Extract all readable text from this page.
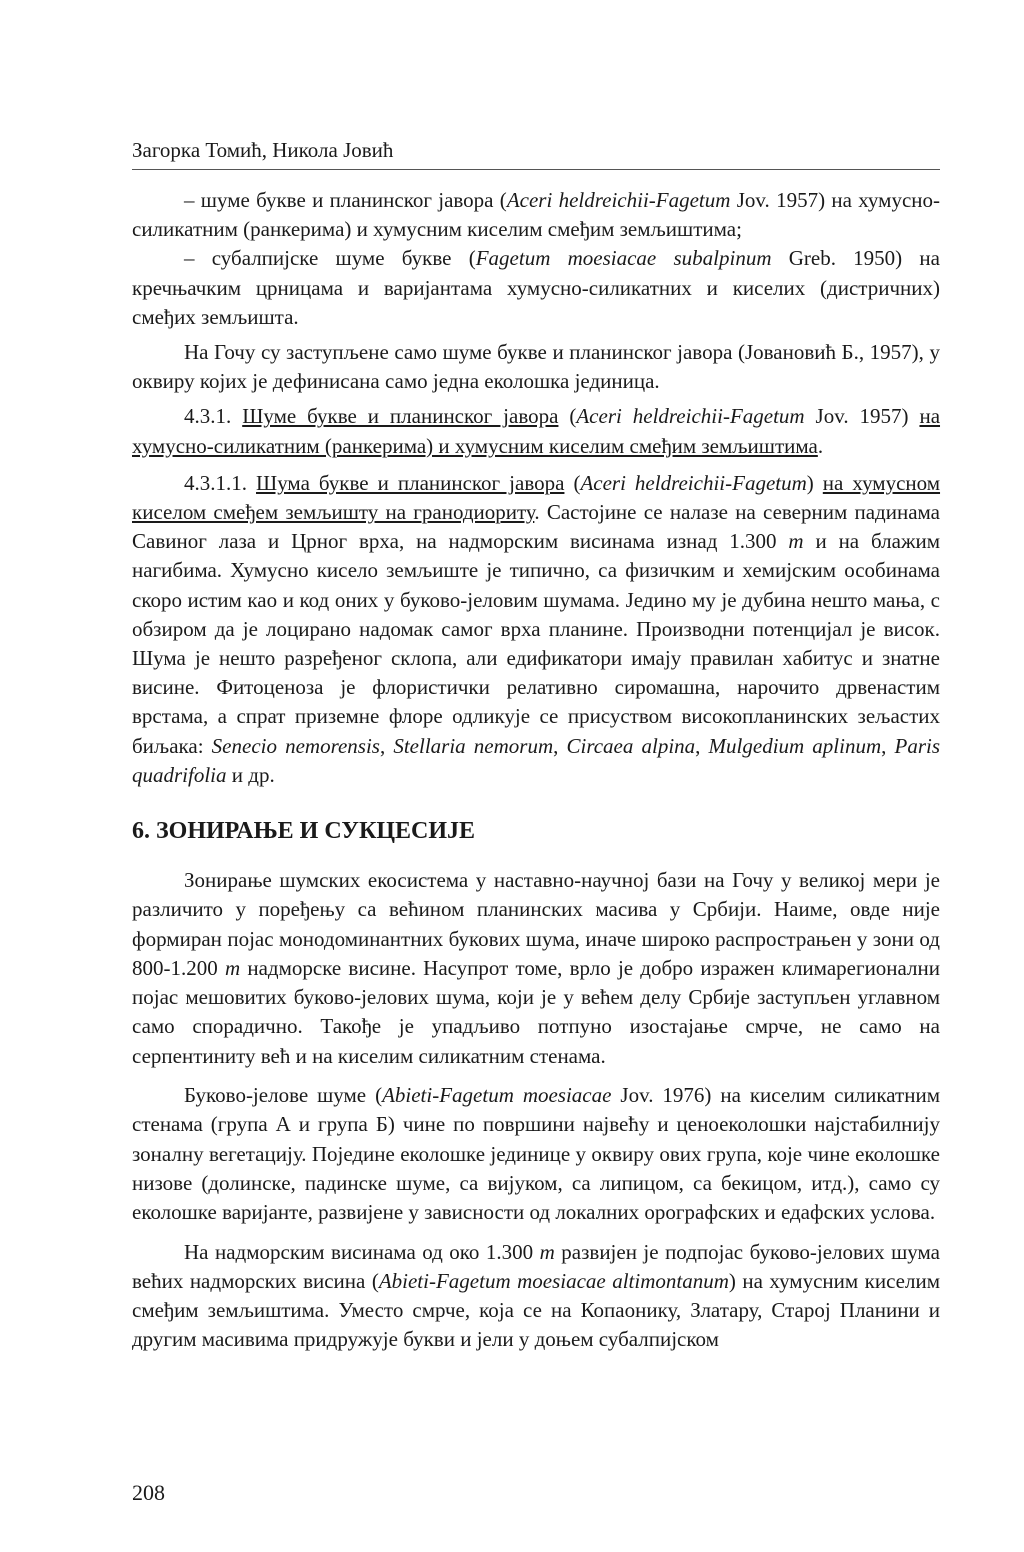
Загорка Томић, Никола Јовић

– шуме букве и планинског јавора (Aceri heldreichii-Fagetum Jov. 1957) на хумусно-силикатним (ранкерима) и хумусним киселим смеђим земљиштима;

– субалпијске шуме букве (Fagetum moesiacae subalpinum Greb. 1950) на кречњачким црницама и варијантама хумусно-силикатних и киселих (дистричних) смеђих земљишта.

На Гочу су заступљене само шуме букве и планинског јавора (Јовановић Б., 1957), у оквиру којих је дефинисана само једна еколошка јединица.

4.3.1. Шуме букве и планинског јавора (Aceri heldreichii-Fagetum Jov. 1957) на хумусно-силикатним (ранкерима) и хумусним киселим смеђим земљиштима.

4.3.1.1. Шума букве и планинског јавора (Aceri heldreichii-Fagetum) на хумусном киселом смеђем земљишту на гранодиориту. Састојине се налазе на северним падинама Савиног лаза и Црног врха, на надморским висинама изнад 1.300 m и на блажим нагибима. Хумусно кисело земљиште је типично, са физичким и хемијским особинама скоро истим као и код оних у буково-јеловим шумама. Једино му је дубина нешто мања, с обзиром да је лоцирано надомак самог врха планине. Производни потенцијал је висок. Шума је нешто разређеног склопа, али едификатори имају правилан хабитус и знатне висине. Фитоценоза је флористички релативно сиромашна, нарочито дрвенастим врстама, а спрат приземне флоре одликује се присуством високопланинских зељастих биљака: Senecio nemorensis, Stellaria nemorum, Circaea alpina, Mulgedium aplinum, Paris quadrifolia и др.

6. ЗОНИРАЊЕ И СУКЦЕСИЈЕ

Зонирање шумских екосистема у наставно-научној бази на Гочу у великој мери је различито у поређењу са већином планинских масива у Србији. Наиме, овде није формиран појас монодоминантних букових шума, иначе широко распрострањен у зони од 800-1.200 m надморске висине. Насупрот томе, врло је добро изражен климарегионални појас мешовитих буково-јелових шума, који је у већем делу Србије заступљен углавном само спорадично. Такође је упадљиво потпуно изостајање смрче, не само на серпентиниту већ и на киселим силикатним стенама.

Буково-јелове шуме (Abieti-Fagetum moesiacae Jov. 1976) на киселим силикатним стенама (група А и група Б) чине по површини највећу и ценоеколошки најстабилнију зоналну вегетацију. Поједине еколошке јединице у оквиру ових група, које чине еколошке низове (долинске, падинске шуме, са вијуком, са липицом, са бекицом, итд.), само су еколошке варијанте, развијене у зависности од локалних орографских и едафских услова.

На надморским висинама од око 1.300 m развијен је подпојас буково-јелових шума већих надморских висина (Abieti-Fagetum moesiacae altimontanum) на хумусним киселим смеђим земљиштима. Уместо смрче, која се на Копаонику, Златару, Старој Планини и другим масивима придружује букви и јели у доњем субалпијском

208
